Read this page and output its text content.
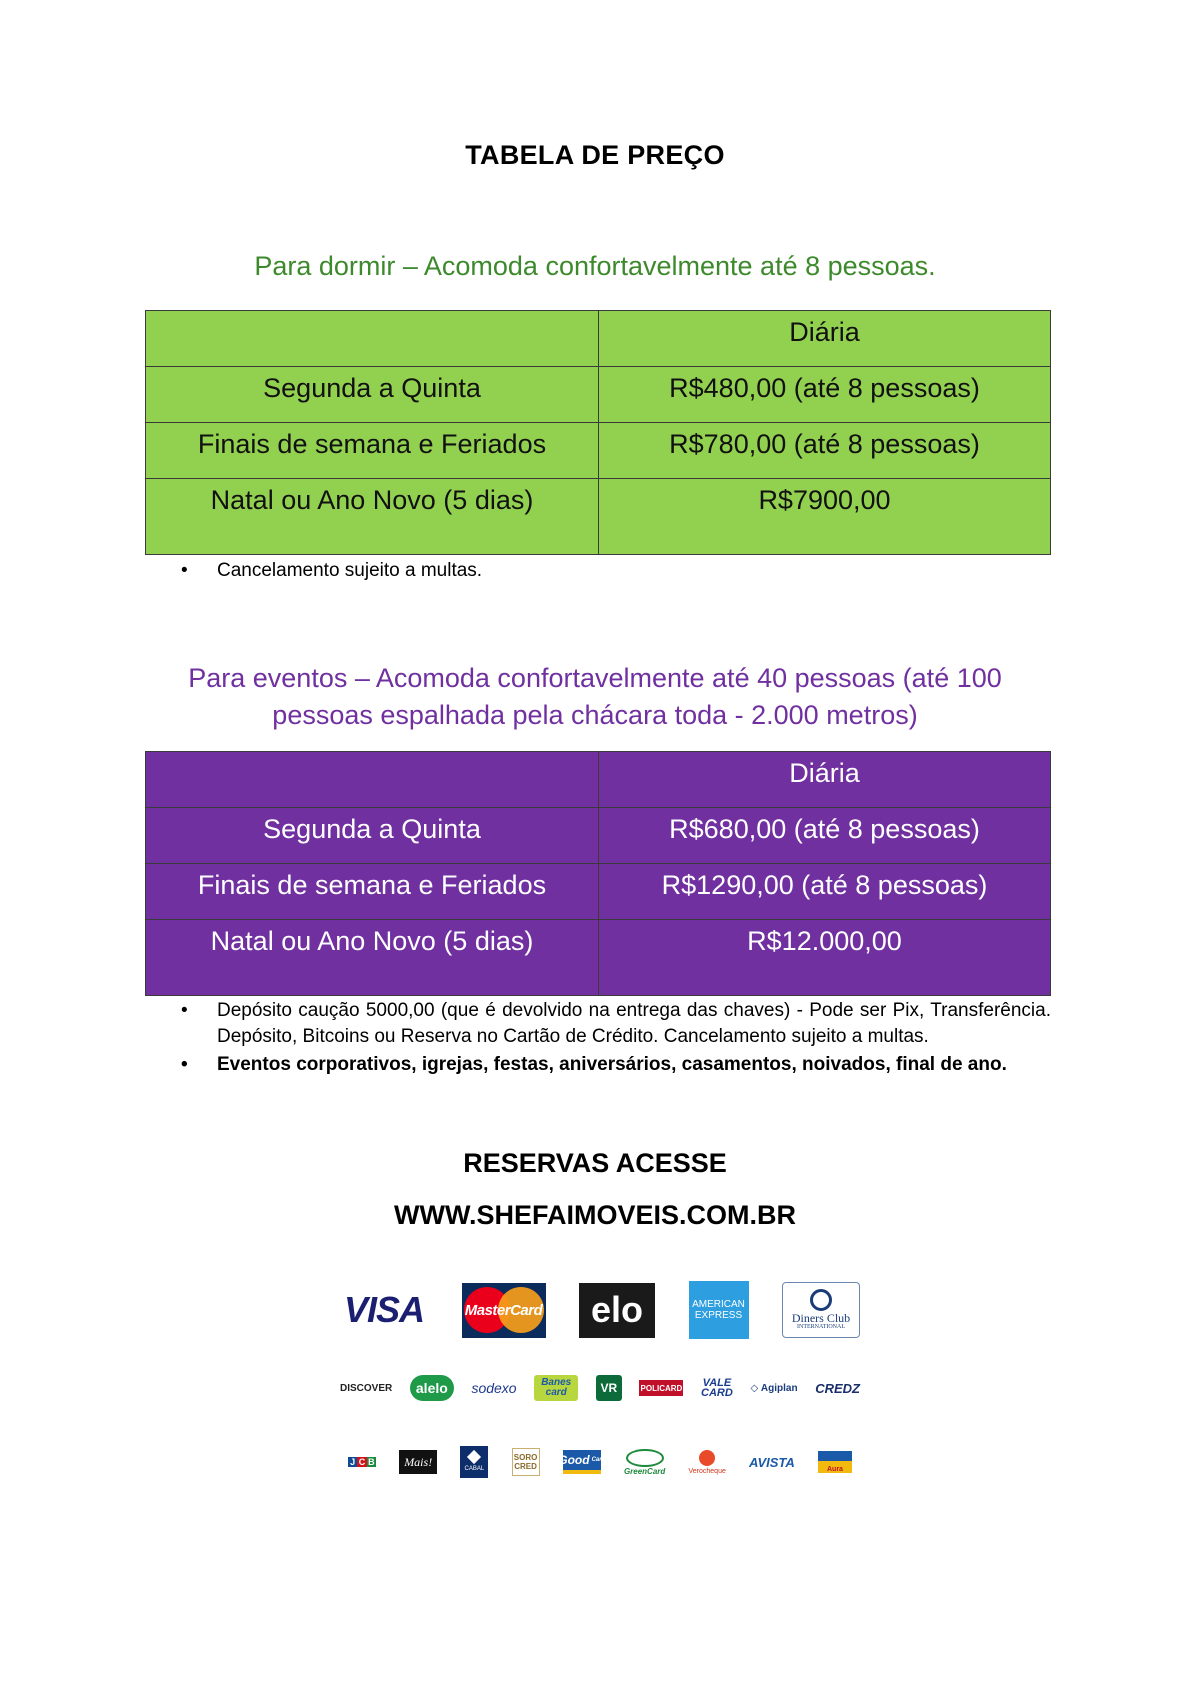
TABELA DE PREÇO
Para dormir – Acomoda confortavelmente até 8 pessoas.
	Diária
Segunda a Quinta	R$480,00 (até 8 pessoas)
Finais de semana e Feriados	R$780,00 (até 8 pessoas)
Natal ou Ano Novo (5 dias)	R$7900,00
• Cancelamento sujeito a multas.
Para eventos – Acomoda confortavelmente até 40 pessoas (até 100 pessoas espalhada pela chácara toda - 2.000 metros)
	Diária
Segunda a Quinta	R$680,00 (até 8 pessoas)
Finais de semana e Feriados	R$1290,00 (até 8 pessoas)
Natal ou Ano Novo (5 dias)	R$12.000,00
• Depósito caução 5000,00 (que é devolvido na entrega das chaves) - Pode ser Pix, Transferência. Depósito, Bitcoins ou Reserva no Cartão de Crédito. Cancelamento sujeito a multas.
• Eventos corporativos, igrejas, festas, aniversários, casamentos, noivados, final de ano.
RESERVAS ACESSE
WWW.SHEFAIMOVEIS.COM.BR
VISA	MasterCard	elo	AMERICAN
EXPRESS	Diners Club
INTERNATIONAL
DISCOVER	alelo	sodexo Banes
card	VR	POLICARD VALE
CARD ◇ Agiplan CREDZ
J C B	Mais!
CABAL
SORO
CRED Good Card
GreenCard	Verocheque
AVISTA	Aura
